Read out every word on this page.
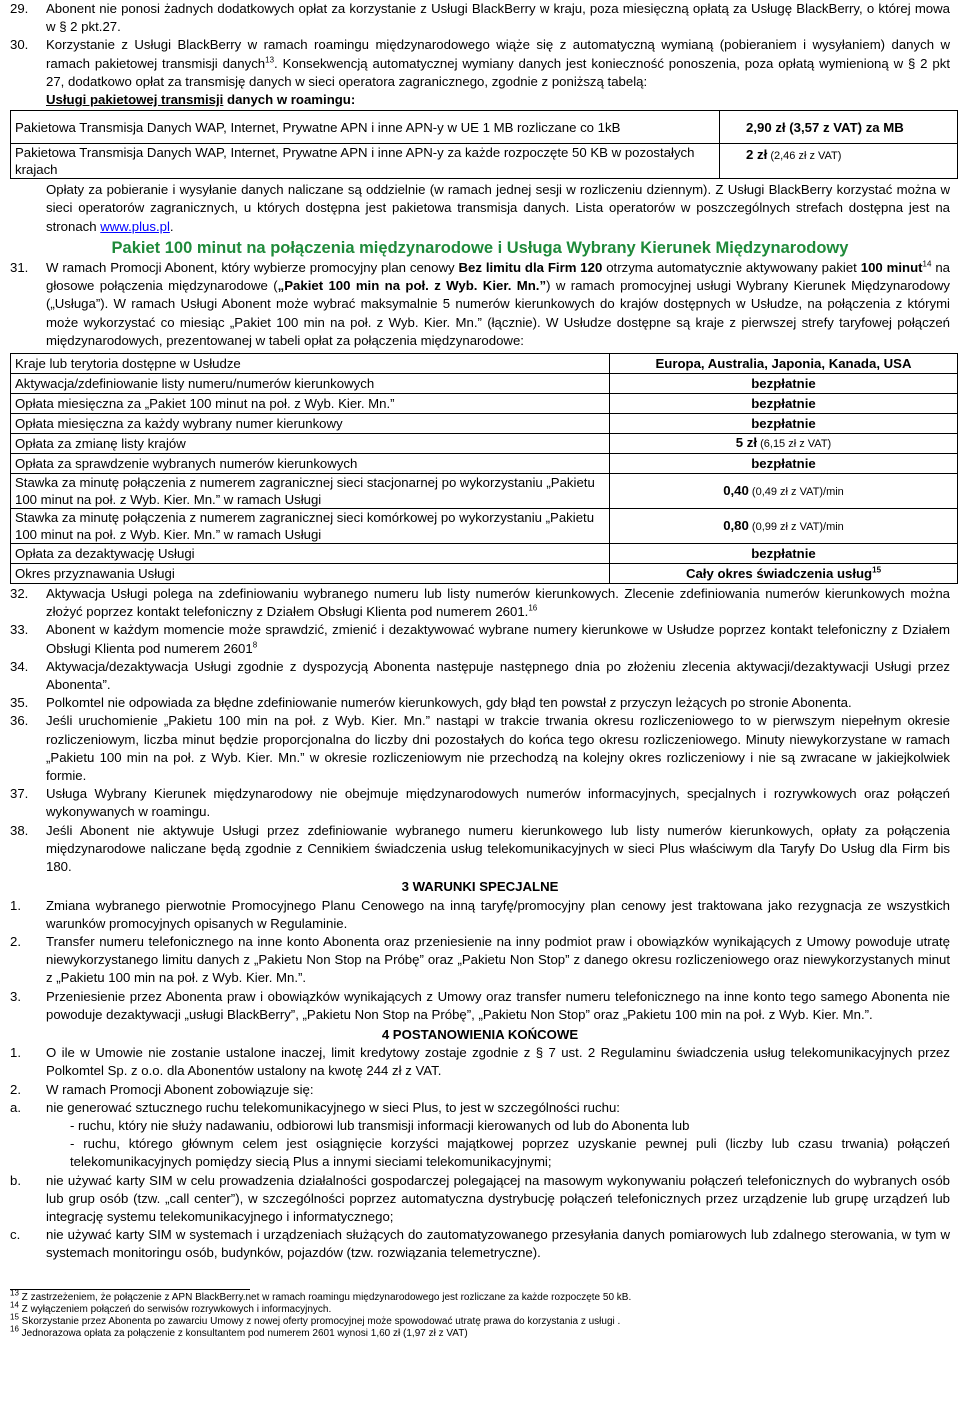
29. Abonent nie ponosi żadnych dodatkowych opłat za korzystanie z Usługi BlackBerry w kraju, poza miesięczną opłatą za Usługę BlackBerry, o której mowa w § 2 pkt.27.
30. Korzystanie z Usługi BlackBerry w ramach roamingu międzynarodowego wiąże się z automatyczną wymianą (pobieraniem i wysyłaniem) danych w ramach pakietowej transmisji danych$^{13}$. Konsekwencją automatycznej wymiany danych jest konieczność ponoszenia, poza opłatą wymienioną w § 2 pkt 27, dodatkowo opłat za transmisję danych w sieci operatora zagranicznego, zgodnie z poniższą tabelą:
Usługi pakietowej transmisji danych w roamingu:
Pakietowa Transmisja Danych WAP, Internet, Prywatne APN i inne APN-y w UE 1 MB rozliczane co 1kB	2,90 zł (3,57 z VAT) za MB
Pakietowa Transmisja Danych WAP, Internet, Prywatne APN i inne APN-y za każde rozpoczęte 50 KB w pozostałych krajach	2 zł (2,46 zł z VAT)
Opłaty za pobieranie i wysyłanie danych naliczane są oddzielnie (w ramach jednej sesji w rozliczeniu dziennym). Z Usługi BlackBerry korzystać można w sieci operatorów zagranicznych, u których dostępna jest pakietowa transmisja danych. Lista operatorów w poszczególnych strefach dostępna jest na stronach www.plus.pl.
Pakiet 100 minut na połączenia międzynarodowe i Usługa Wybrany Kierunek Międzynarodowy
31. W ramach Promocji Abonent, który wybierze promocyjny plan cenowy Bez limitu dla Firm 120 otrzyma automatycznie aktywowany pakiet 100 minut$^{14}$ na głosowe połączenia międzynarodowe („Pakiet 100 min na poł. z Wyb. Kier. Mn.”) w ramach promocyjnej usługi Wybrany Kierunek Międzynarodowy („Usługa”). W ramach Usługi Abonent może wybrać maksymalnie 5 numerów kierunkowych do krajów dostępnych w Usłudze, na połączenia z którymi może wykorzystać co miesiąc „Pakiet 100 min na poł. z Wyb. Kier. Mn.” (łącznie). W Usłudze dostępne są kraje z pierwszej strefy taryfowej połączeń międzynarodowych, prezentowanej w tabeli opłat za połączenia międzynarodowe:
Kraje lub terytoria dostępne w Usłudze	Europa, Australia, Japonia, Kanada, USA
Aktywacja/zdefiniowanie listy numeru/numerów kierunkowych	bezpłatnie
Opłata miesięczna za „Pakiet 100 minut na poł. z Wyb. Kier. Mn.”	bezpłatnie
Opłata miesięczna za każdy wybrany numer kierunkowy	bezpłatnie
Opłata za zmianę listy krajów	5 zł (6,15 zł z VAT)
Opłata za sprawdzenie wybranych numerów kierunkowych	bezpłatnie
Stawka za minutę połączenia z numerem zagranicznej sieci stacjonarnej po wykorzystaniu „Pakietu 100 minut na poł. z Wyb. Kier. Mn.” w ramach Usługi	0,40 (0,49 zł z VAT)/min
Stawka za minutę połączenia z numerem zagranicznej sieci komórkowej po wykorzystaniu „Pakietu 100 minut na poł. z Wyb. Kier. Mn.” w ramach Usługi	0,80 (0,99 zł z VAT)/min
Opłata za dezaktywację Usługi	bezpłatnie
Okres przyznawania Usługi	Cały okres świadczenia usług$^{15}$
32. Aktywacja Usługi polega na zdefiniowaniu wybranego numeru lub listy numerów kierunkowych. Zlecenie zdefiniowania numerów kierunkowych można złożyć poprzez kontakt telefoniczny z Działem Obsługi Klienta pod numerem 2601.16
33. Abonent w każdym momencie może sprawdzić, zmienić i dezaktywować wybrane numery kierunkowe w Usłudze poprzez kontakt telefoniczny z Działem Obsługi Klienta pod numerem 2601$^8$
34. Aktywacja/dezaktywacja Usługi zgodnie z dyspozycją Abonenta następuje następnego dnia po złożeniu zlecenia aktywacji/dezaktywacji Usługi przez Abonenta”.
35. Polkomtel nie odpowiada za błędne zdefiniowanie numerów kierunkowych, gdy błąd ten powstał z przyczyn leżących po stronie Abonenta.
36. Jeśli uruchomienie „Pakietu 100 min na poł. z Wyb. Kier. Mn.” nastąpi w trakcie trwania okresu rozliczeniowego to w pierwszym niepełnym okresie rozliczeniowym, liczba minut będzie proporcjonalna do liczby dni pozostałych do końca tego okresu rozliczeniowego. Minuty niewykorzystane w ramach „Pakietu 100 min na poł. z Wyb. Kier. Mn.” w okresie rozliczeniowym nie przechodzą na kolejny okres rozliczeniowy i nie są zwracane w jakiejkolwiek formie.
37. Usługa Wybrany Kierunek międzynarodowy nie obejmuje międzynarodowych numerów informacyjnych, specjalnych i rozrywkowych oraz połączeń wykonywanych w roamingu.
38. Jeśli Abonent nie aktywuje Usługi przez zdefiniowanie wybranego numeru kierunkowego lub listy numerów kierunkowych, opłaty za połączenia międzynarodowe naliczane będą zgodnie z Cennikiem świadczenia usług telekomunikacyjnych w sieci Plus właściwym dla Taryfy Do Usług dla Firm bis 180.
3 WARUNKI SPECJALNE
1. Zmiana wybranego pierwotnie Promocyjnego Planu Cenowego na inną taryfę/promocyjny plan cenowy jest traktowana jako rezygnacja ze wszystkich warunków promocyjnych opisanych w Regulaminie.
2. Transfer numeru telefonicznego na inne konto Abonenta oraz przeniesienie na inny podmiot praw i obowiązków wynikających z Umowy powoduje utratę niewykorzystanego limitu danych z „Pakietu Non Stop na Próbę” oraz „Pakietu Non Stop” z danego okresu rozliczeniowego oraz niewykorzystanych minut z „Pakietu 100 min na poł. z Wyb. Kier. Mn.”.
3. Przeniesienie przez Abonenta praw i obowiązków wynikających z Umowy oraz transfer numeru telefonicznego na inne konto tego samego Abonenta nie powoduje dezaktywacji „usługi BlackBerry”, „Pakietu Non Stop na Próbę”, „Pakietu Non Stop” oraz „Pakietu 100 min na poł. z Wyb. Kier. Mn.”.
4 POSTANOWIENIA KOŃCOWE
1. O ile w Umowie nie zostanie ustalone inaczej, limit kredytowy zostaje zgodnie z § 7 ust. 2 Regulaminu świadczenia usług telekomunikacyjnych przez Polkomtel Sp. z o.o. dla Abonentów ustalony na kwotę 244 zł z VAT.
2. W ramach Promocji Abonent zobowiązuje się:
a. nie generować sztucznego ruchu telekomunikacyjnego w sieci Plus, to jest w szczególności ruchu:
- ruchu, który nie służy nadawaniu, odbiorowi lub transmisji informacji kierowanych od lub do Abonenta lub
- ruchu, którego głównym celem jest osiągnięcie korzyści majątkowej poprzez uzyskanie pewnej puli (liczby lub czasu trwania) połączeń telekomunikacyjnych pomiędzy siecią Plus a innymi sieciami telekomunikacyjnymi;
b. nie używać karty SIM w celu prowadzenia działalności gospodarczej polegającej na masowym wykonywaniu połączeń telefonicznych do wybranych osób lub grup osób (tzw. „call center”), w szczególności poprzez automatyczna dystrybucję połączeń telefonicznych przez urządzenie lub grupę urządzeń lub integrację systemu telekomunikacyjnego i informatycznego;
c. nie używać karty SIM w systemach i urządzeniach służących do zautomatyzowanego przesyłania danych pomiarowych lub zdalnego sterowania, w tym w systemach monitoringu osób, budynków, pojazdów (tzw. rozwiązania telemetryczne).
$^{13}$ Z zastrzeżeniem, że połączenie z APN BlackBerry.net w ramach roamingu międzynarodowego jest rozliczane za każde rozpoczęte 50 kB.
$^{14}$ Z wyłączeniem połączeń do serwisów rozrywkowych i informacyjnych.
$^{15}$ Skorzystanie przez Abonenta po zawarciu Umowy z nowej oferty promocyjnej może spowodować utratę prawa do korzystania z usługi .
$^{16}$ Jednorazowa opłata za połączenie z konsultantem pod numerem 2601 wynosi 1,60 zł (1,97 zł z VAT)
